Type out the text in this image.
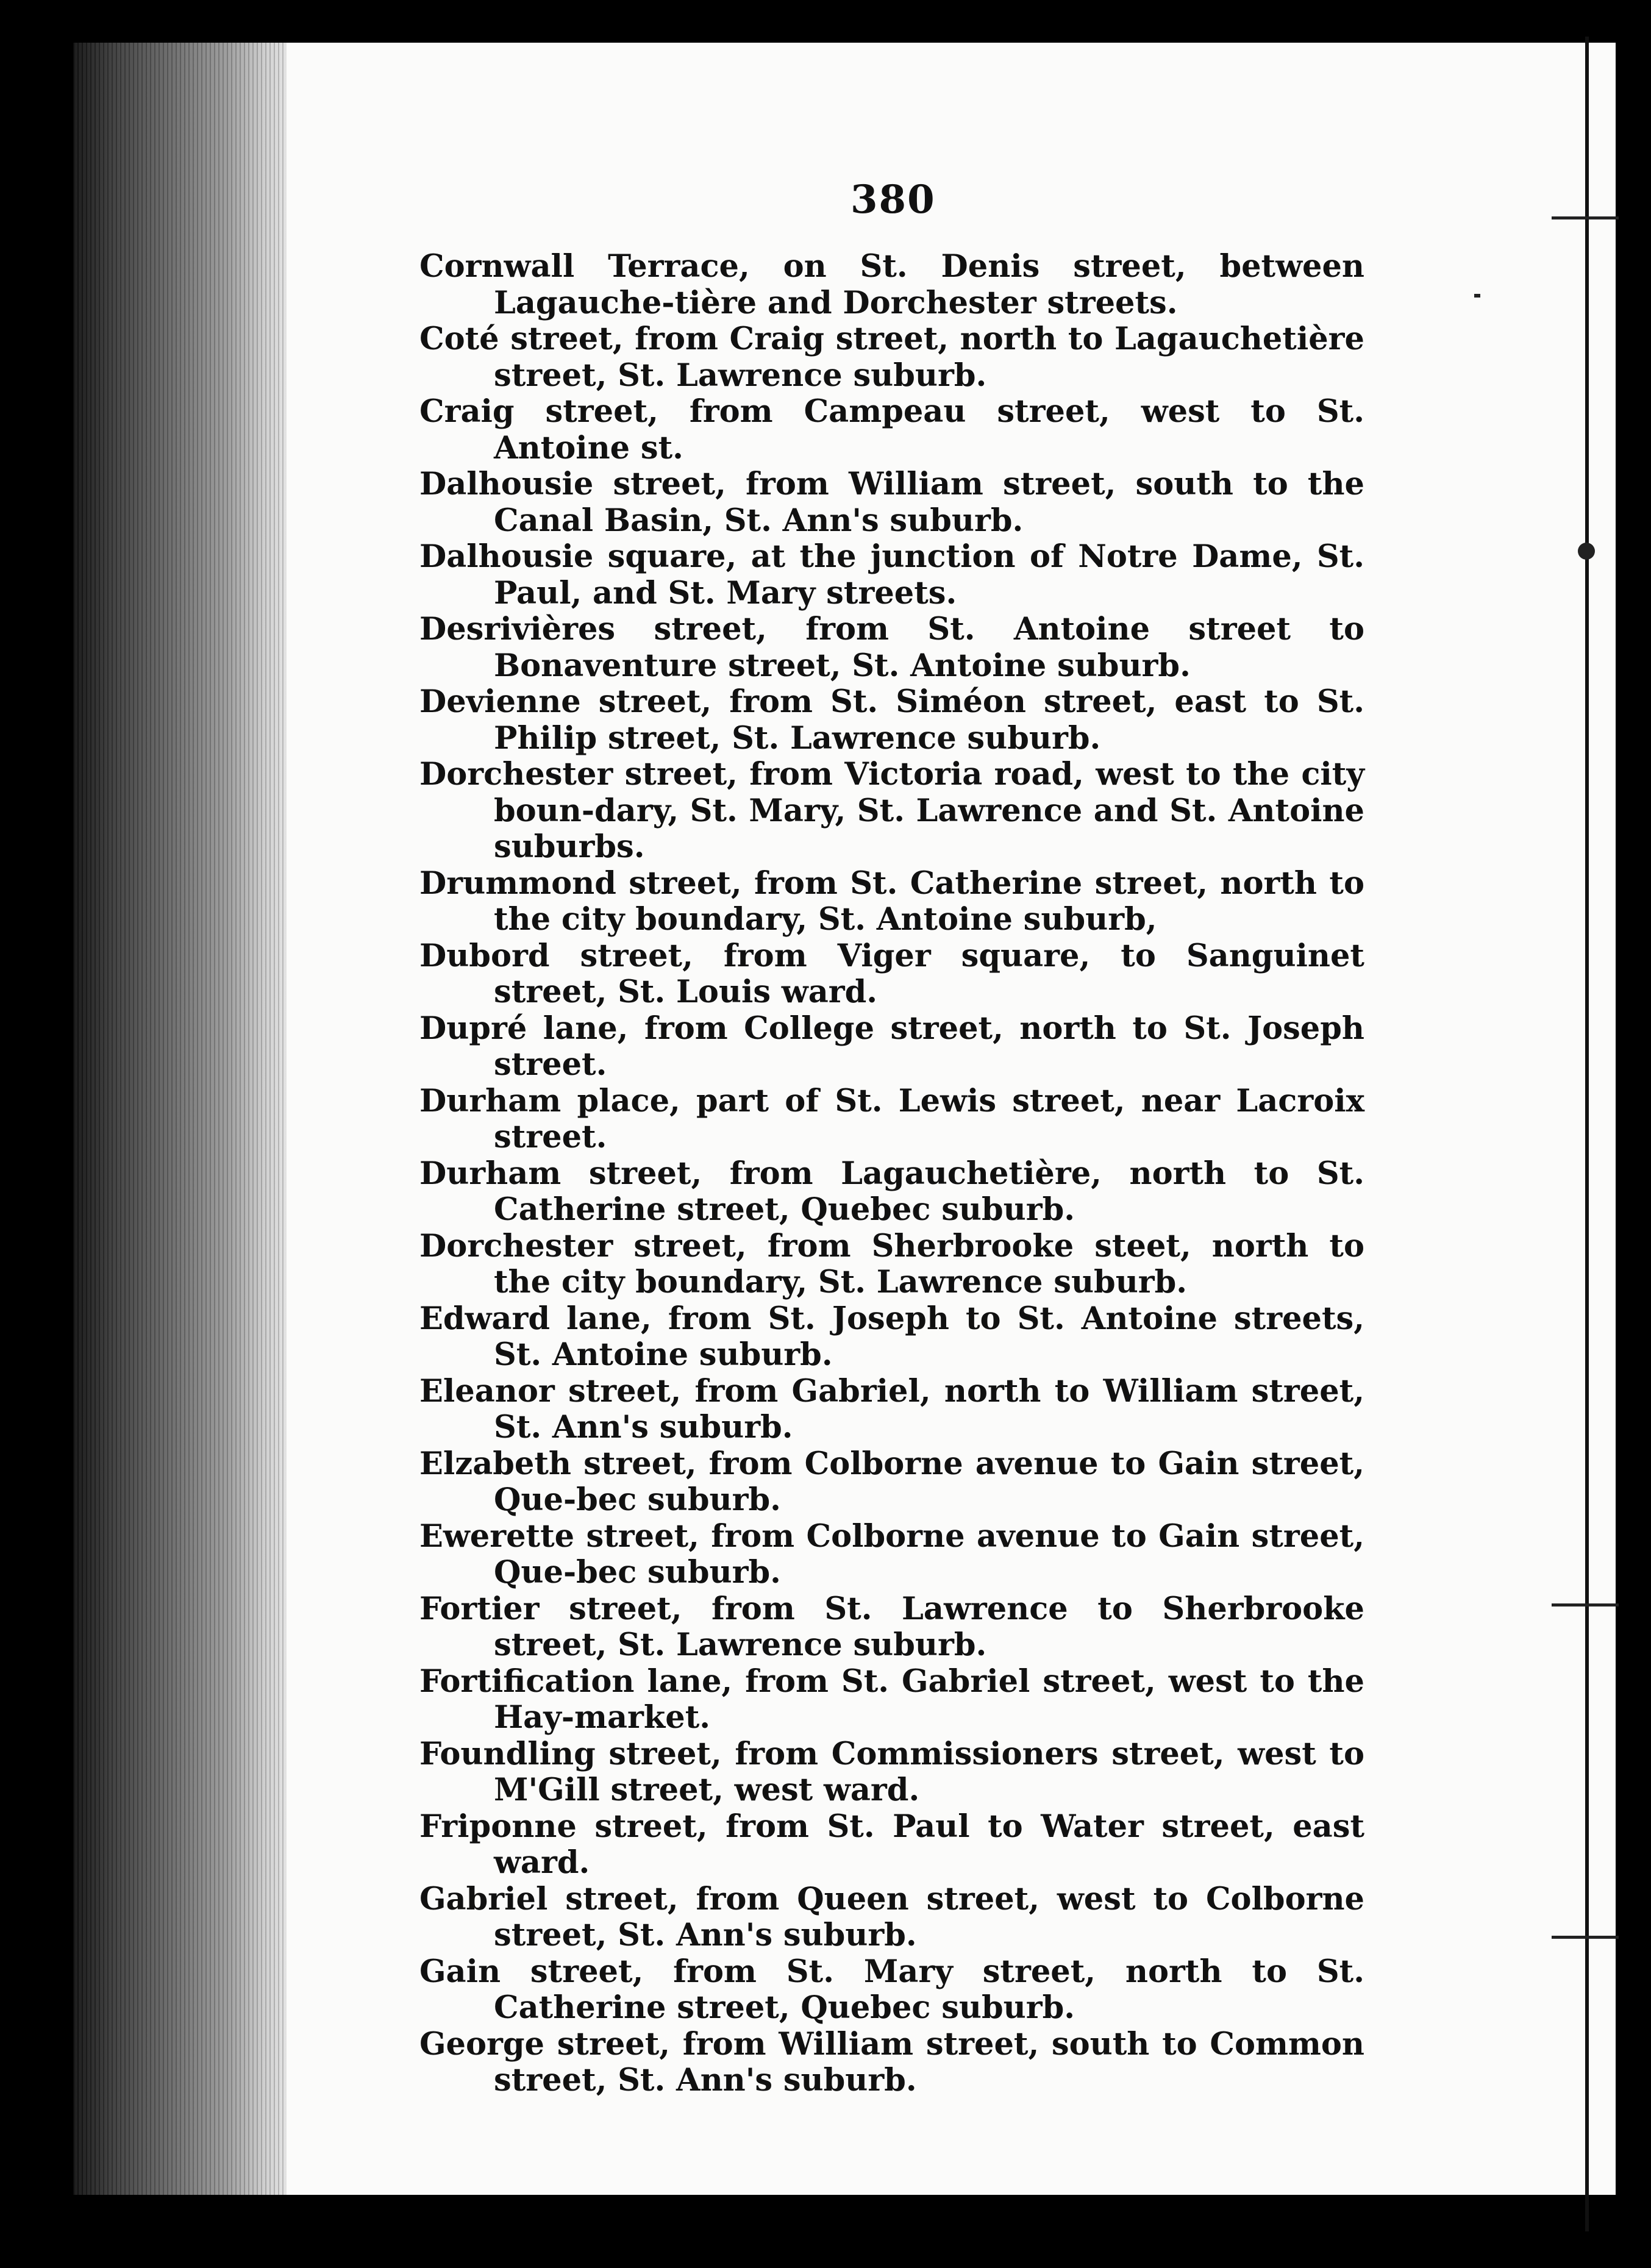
380
Cornwall Terrace, on St. Denis street, between Lagauche-tière and Dorchester streets.
Coté street, from Craig street, north to Lagauchetière street, St. Lawrence suburb.
Craig street, from Campeau street, west to St. Antoine st.
Dalhousie street, from William street, south to the Canal Basin, St. Ann's suburb.
Dalhousie square, at the junction of Notre Dame, St. Paul, and St. Mary streets.
Desrivières street, from St. Antoine street to Bonaventure street, St. Antoine suburb.
Devienne street, from St. Siméon street, east to St. Philip street, St. Lawrence suburb.
Dorchester street, from Victoria road, west to the city boun-dary, St. Mary, St. Lawrence and St. Antoine suburbs.
Drummond street, from St. Catherine street, north to the city boundary, St. Antoine suburb,
Dubord street, from Viger square, to Sanguinet street, St. Louis ward.
Dupré lane, from College street, north to St. Joseph street.
Durham place, part of St. Lewis street, near Lacroix street.
Durham street, from Lagauchetière, north to St. Catherine street, Quebec suburb.
Dorchester street, from Sherbrooke steet, north to the city boundary, St. Lawrence suburb.
Edward lane, from St. Joseph to St. Antoine streets, St. Antoine suburb.
Eleanor street, from Gabriel, north to William street, St. Ann's suburb.
Elzabeth street, from Colborne avenue to Gain street, Que-bec suburb.
Ewerette street, from Colborne avenue to Gain street, Que-bec suburb.
Fortier street, from St. Lawrence to Sherbrooke street, St. Lawrence suburb.
Fortification lane, from St. Gabriel street, west to the Hay-market.
Foundling street, from Commissioners street, west to M'Gill street, west ward.
Friponne street, from St. Paul to Water street, east ward.
Gabriel street, from Queen street, west to Colborne street, St. Ann's suburb.
Gain street, from St. Mary street, north to St. Catherine street, Quebec suburb.
George street, from William street, south to Common street, St. Ann's suburb.
